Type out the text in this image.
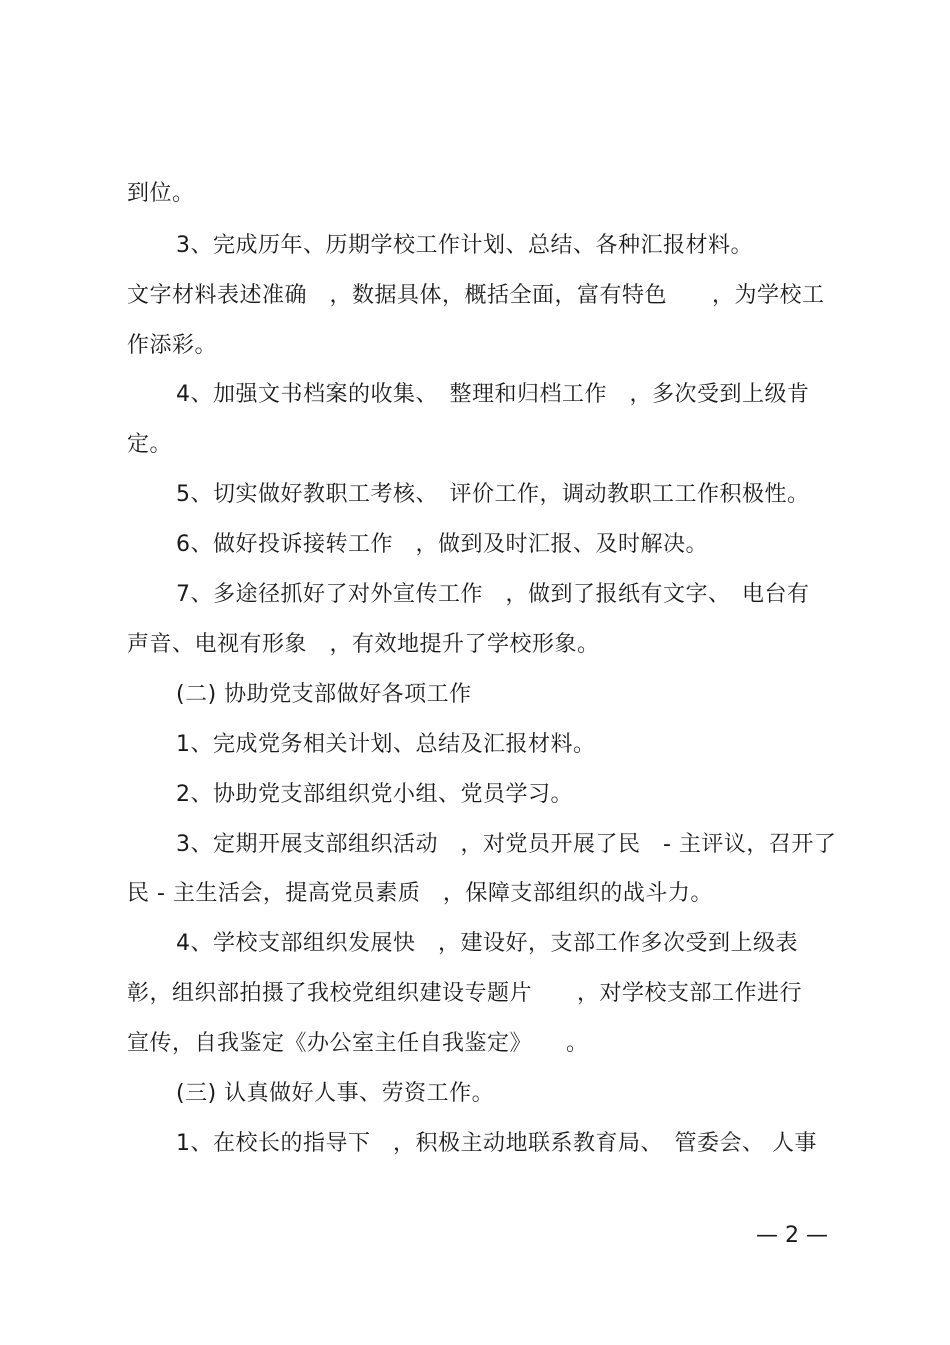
到位。
3、完成历年、历期学校工作计划、总结、各种汇报材料。
文字材料表述准确　，数据具体，概括全面，富有特色　　，为学校工
作添彩。
4、加强文书档案的收集、　整理和归档工作　，多次受到上级肯
定。
5、切实做好教职工考核、　评价工作，调动教职工工作积极性。
6、做好投诉接转工作　，做到及时汇报、及时解决。
7、多途径抓好了对外宣传工作　，做到了报纸有文字、　电台有
声音、电视有形象　，有效地提升了学校形象。
(二) 协助党支部做好各项工作
1、完成党务相关计划、总结及汇报材料。
2、协助党支部组织党小组、党员学习。
3、定期开展支部组织活动　，对党员开展了民　- 主评议，召开了
民 - 主生活会，提高党员素质　，保障支部组织的战斗力。
4、学校支部组织发展快　，建设好，支部工作多次受到上级表
彰，组织部拍摄了我校党组织建设专题片　　，对学校支部工作进行
宣传，自我鉴定《办公室主任自我鉴定》　　。
(三) 认真做好人事、劳资工作。
1、在校长的指导下　，积极主动地联系教育局、　管委会、 人事
— 2 —
